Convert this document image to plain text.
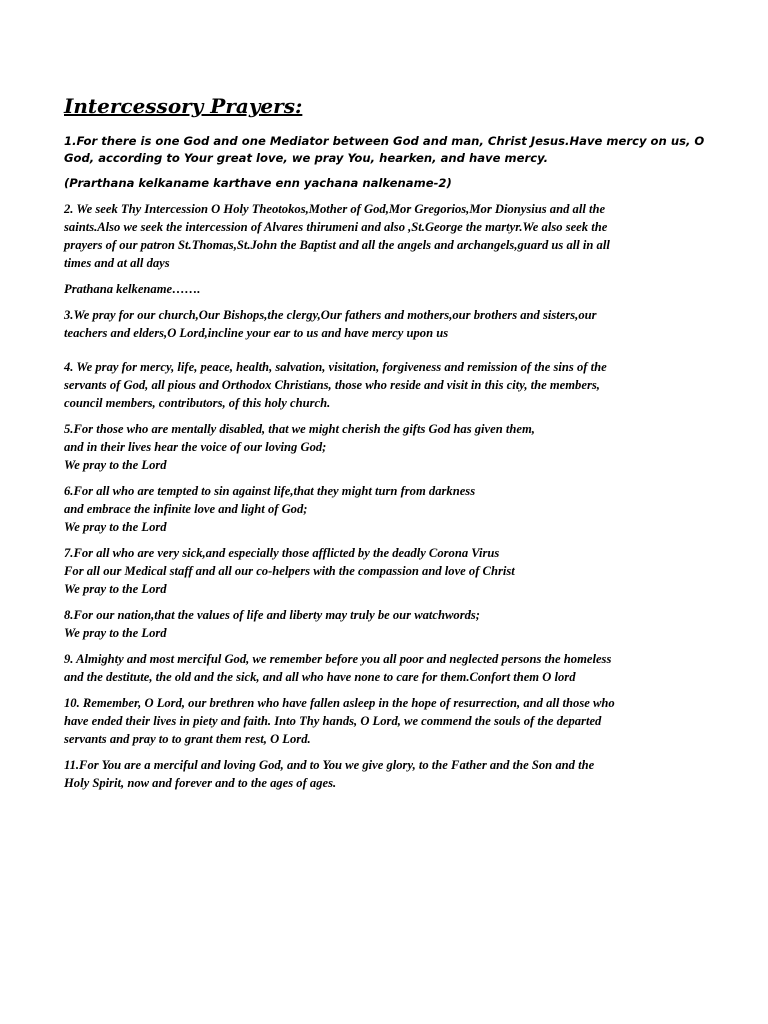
Intercessory Prayers:

1.For there is one God and one Mediator between God and man, Christ Jesus.Have mercy on us, O
God, according to Your great love, we pray You, hearken, and have mercy.

(Prarthana kelkaname karthave enn yachana nalkename-2)

2. We seek Thy Intercession O Holy Theotokos,Mother of God,Mor Gregorios,Mor Dionysius and all the
saints.Also we seek the intercession of Alvares thirumeni and also ,St.George the martyr.We also seek the
prayers of our patron St.Thomas,St.John the Baptist and all the angels and archangels,guard us all in all
times and at all days

Prathana kelkename…….

3.We pray for our church,Our Bishops,the clergy,Our fathers and mothers,our brothers and sisters,our
teachers and elders,O Lord,incline your ear to us and have mercy upon us

4. We pray for mercy, life, peace, health, salvation, visitation, forgiveness and remission of the sins of the
servants of God, all pious and Orthodox Christians, those who reside and visit in this city, the members,
council members, contributors, of this holy church.

5.For those who are mentally disabled, that we might cherish the gifts God has given them,
and in their lives hear the voice of our loving God;
We pray to the Lord

6.For all who are tempted to sin against life,that they might turn from darkness
and embrace the infinite love and light of God;
We pray to the Lord

7.For all who are very sick,and especially those afflicted by the deadly Corona Virus
For all our Medical staff and all our co-helpers with the compassion and love of Christ
We pray to the Lord

8.For our nation,that the values of life and liberty may truly be our watchwords;
We pray to the Lord

9. Almighty and most merciful God, we remember before you all poor and neglected persons the homeless
and the destitute, the old and the sick, and all who have none to care for them.Confort them O lord

10. Remember, O Lord, our brethren who have fallen asleep in the hope of resurrection, and all those who
have ended their lives in piety and faith. Into Thy hands, O Lord, we commend the souls of the departed
servants and pray to to grant them rest, O Lord.

11.For You are a merciful and loving God, and to You we give glory, to the Father and the Son and the
Holy Spirit, now and forever and to the ages of ages.
